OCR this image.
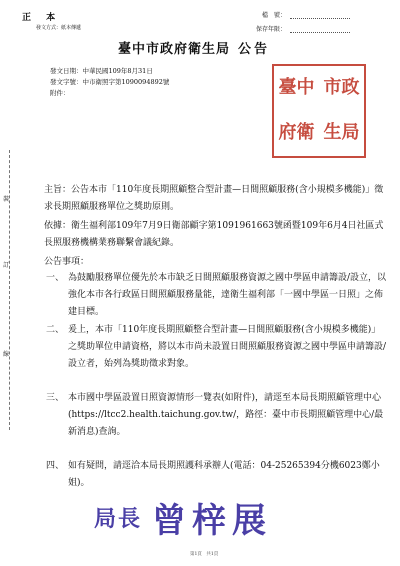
正 本
發文方式：紙本傳遞
檔　號：
保存年限：
臺中市政府衛生局 公告
發文日期：中華民國109年8月31日
發文字號：中市衛照字第1090094892號
附件：	臺中 市政
府衛 生局
裝
訂
線
主旨：公告本市「110年度長期照顧整合型計畫—日間照顧服務(含小規模多機能)」徵求長期照顧服務單位之獎助原則。
依據：衛生福利部109年7月9日衛部顧字第1091961663號函暨109年6月4日社區式長照服務機構業務聯繫會議紀錄。
公告事項：
一、 為鼓勵服務單位優先於本市缺乏日間照顧服務資源之國中學區申請籌設/設立，以強化本市各行政區日間照顧服務量能，達衛生福利部「一國中學區一日照」之佈建目標。
二、 爰上，本市「110年度長期照顧整合型計畫—日間照顧服務(含小規模多機能)」之獎助單位申請資格，將以本市尚未設置日間照顧服務資源之國中學區申請籌設/設立者，始列為獎助徵求對象。
三、 本市國中學區設置日照資源情形一覽表(如附件)，請逕至本局長期照顧管理中心(https://ltcc2.health.taichung.gov.tw/，路徑：臺中市長期照顧管理中心/最新消息)查詢。
四、 如有疑問，請逕洽本局長期照護科承辦人(電話：04-25265394分機6023鄭小姐)。
局長 曾梓展
第1頁　共1頁
